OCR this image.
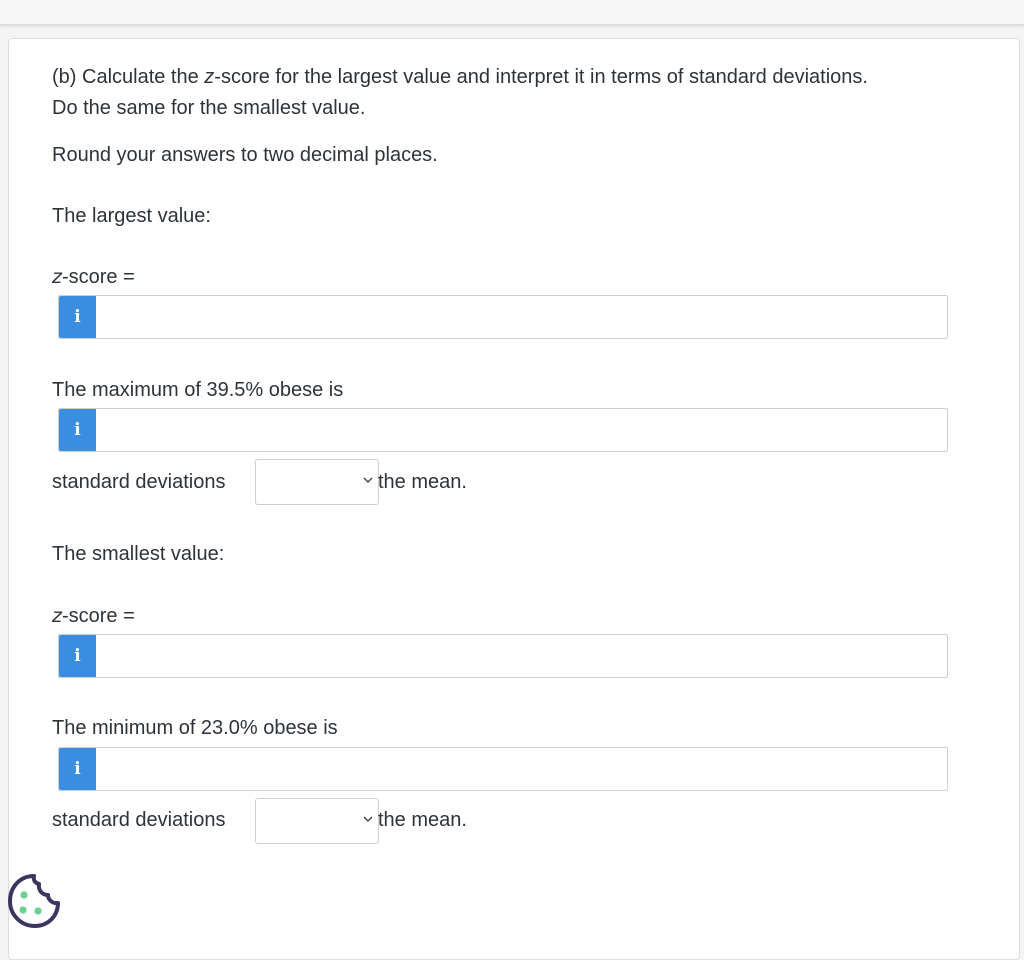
(b) Calculate the z-score for the largest value and interpret it in terms of standard deviations.
Do the same for the smallest value.
Round your answers to two decimal places.
The largest value:
z-score =
i
The maximum of 39.5% obese is
i
standard deviations	the mean.
The smallest value:
z-score =
i
The minimum of 23.0% obese is
i
standard deviations	the mean.
